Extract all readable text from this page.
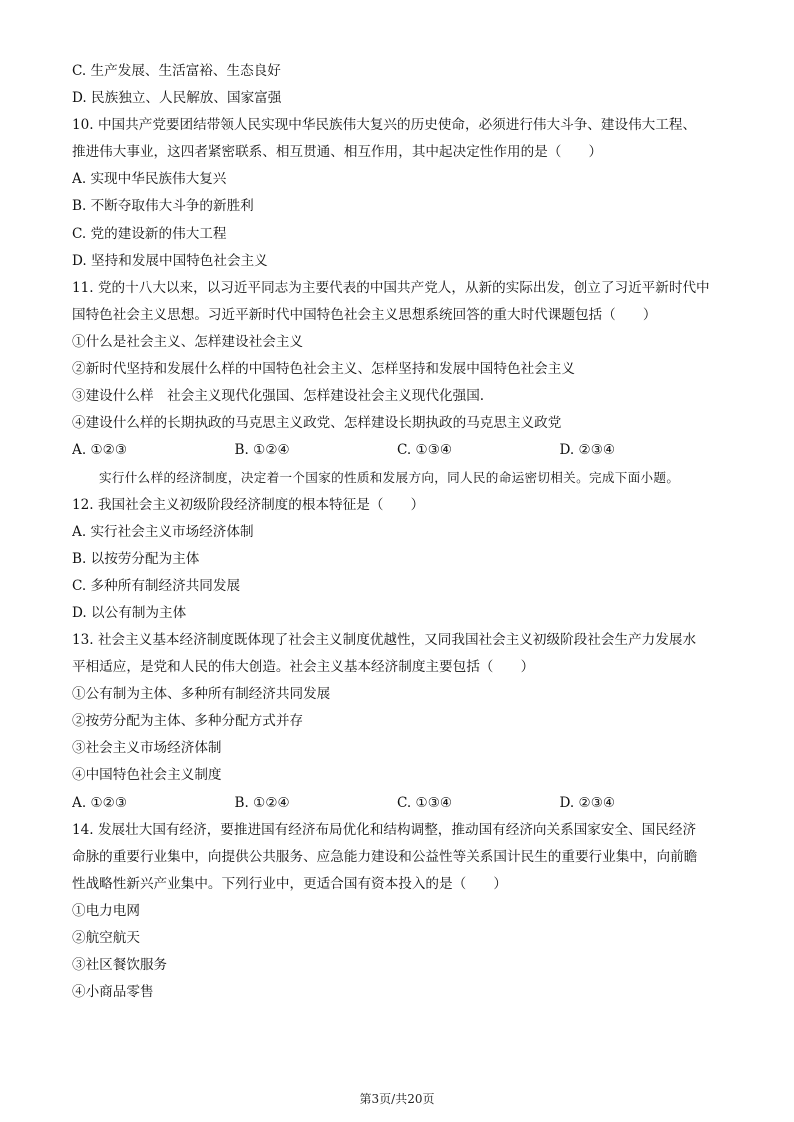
C. 生产发展、生活富裕、生态良好
D. 民族独立、人民解放、国家富强
10. 中国共产党要团结带领人民实现中华民族伟大复兴的历史使命，必须进行伟大斗争、建设伟大工程、
推进伟大事业，这四者紧密联系、相互贯通、相互作用，其中起决定性作用的是（　　）
A. 实现中华民族伟大复兴
B. 不断夺取伟大斗争的新胜利
C. 党的建设新的伟大工程
D. 坚持和发展中国特色社会主义
11. 党的十八大以来，以习近平同志为主要代表的中国共产党人，从新的实际出发，创立了习近平新时代中
国特色社会主义思想。习近平新时代中国特色社会主义思想系统回答的重大时代课题包括（　　）
①什么是社会主义、怎样建设社会主义
②新时代坚持和发展什么样的中国特色社会主义、怎样坚持和发展中国特色社会主义
③建设什么样　社会主义现代化强国、怎样建设社会主义现代化强国.
④建设什么样的长期执政的马克思主义政党、怎样建设长期执政的马克思主义政党
A. ①②③	B. ①②④	C. ①③④	D. ②③④
实行什么样的经济制度，决定着一个国家的性质和发展方向，同人民的命运密切相关。完成下面小题。
12. 我国社会主义初级阶段经济制度的根本特征是（　　）
A. 实行社会主义市场经济体制
B. 以按劳分配为主体
C. 多种所有制经济共同发展
D. 以公有制为主体
13. 社会主义基本经济制度既体现了社会主义制度优越性，又同我国社会主义初级阶段社会生产力发展水
平相适应，是党和人民的伟大创造。社会主义基本经济制度主要包括（　　）
①公有制为主体、多种所有制经济共同发展
②按劳分配为主体、多种分配方式并存
③社会主义市场经济体制
④中国特色社会主义制度
A. ①②③	B. ①②④	C. ①③④	D. ②③④
14. 发展壮大国有经济，要推进国有经济布局优化和结构调整，推动国有经济向关系国家安全、国民经济
命脉的重要行业集中，向提供公共服务、应急能力建设和公益性等关系国计民生的重要行业集中，向前瞻
性战略性新兴产业集中。下列行业中，更适合国有资本投入的是（　　）
①电力电网
②航空航天
③社区餐饮服务
④小商品零售
第3页/共20页
